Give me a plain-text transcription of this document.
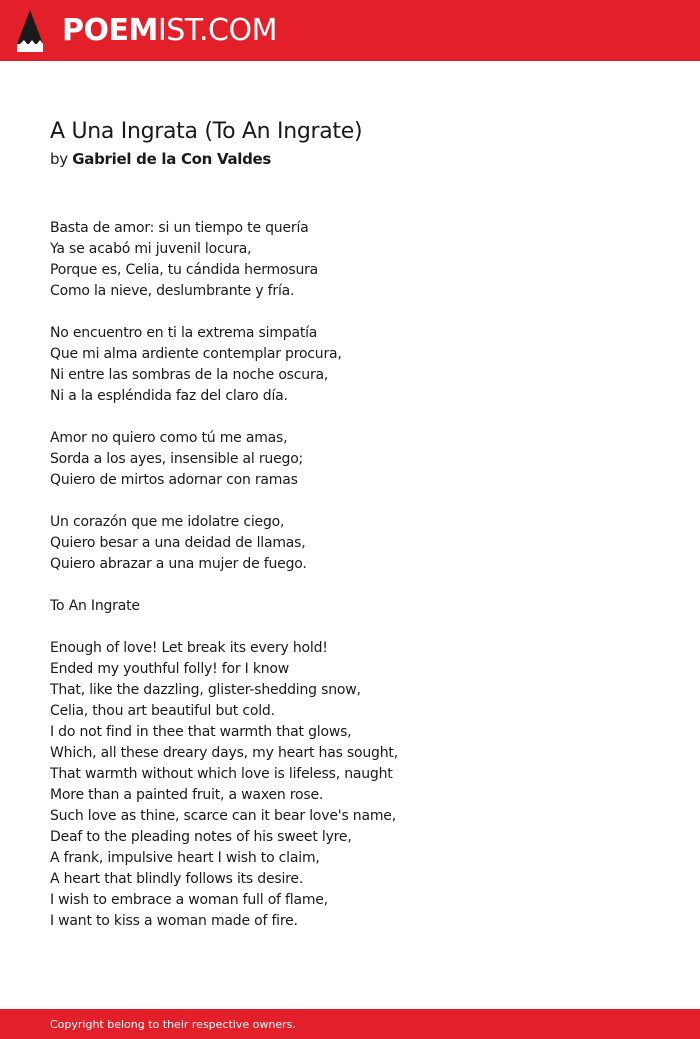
POEMIST.COM
A Una Ingrata (To An Ingrate)
by Gabriel de la Con Valdes
Basta de amor: si un tiempo te quería
Ya se acabó mi juvenil locura,
Porque es, Celia, tu cándida hermosura
Como la nieve, deslumbrante y fría.
No encuentro en ti la extrema simpatía
Que mi alma ardiente contemplar procura,
Ni entre las sombras de la noche oscura,
Ni a la espléndida faz del claro día.
Amor no quiero como tú me amas,
Sorda a los ayes, insensible al ruego;
Quiero de mirtos adornar con ramas
Un corazón que me idolatre ciego,
Quiero besar a una deidad de llamas,
Quiero abrazar a una mujer de fuego.
To An Ingrate
Enough of love! Let break its every hold!
Ended my youthful folly! for I know
That, like the dazzling, glister-shedding snow,
Celia, thou art beautiful but cold.
I do not find in thee that warmth that glows,
Which, all these dreary days, my heart has sought,
That warmth without which love is lifeless, naught
More than a painted fruit, a waxen rose.
Such love as thine, scarce can it bear love's name,
Deaf to the pleading notes of his sweet lyre,
A frank, impulsive heart I wish to claim,
A heart that blindly follows its desire.
I wish to embrace a woman full of flame,
I want to kiss a woman made of fire.
Copyright belong to their respective owners.
